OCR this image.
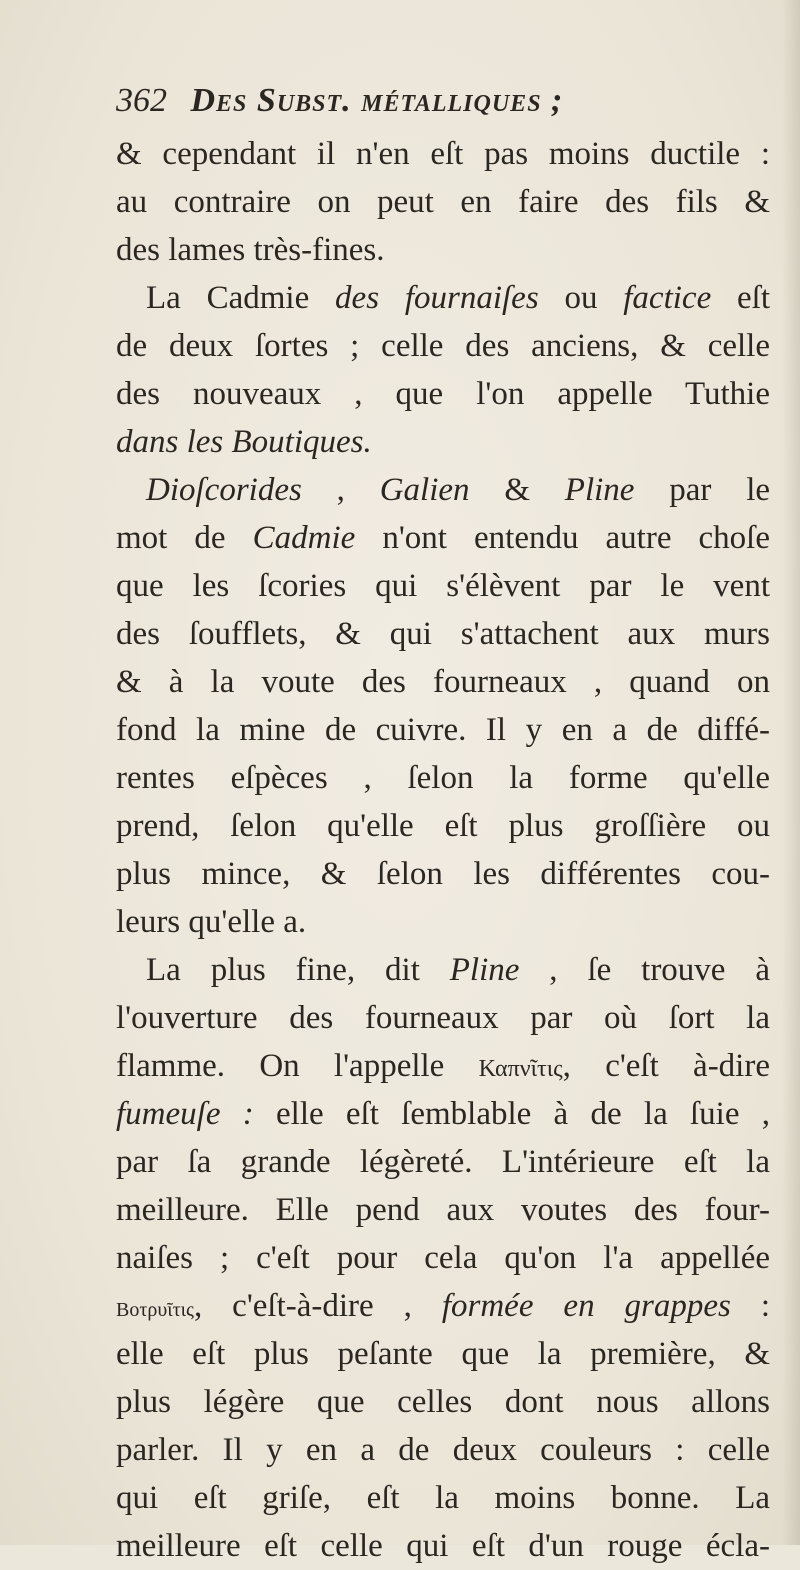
362 Des Subst. métalliques ;
& cependant il n'en eſt pas moins ductile :
au contraire on peut en faire des fils &
des lames très-fines.
La Cadmie des fournaiſes ou factice eſt
de deux ſortes ; celle des anciens, & celle
des nouveaux , que l'on appelle Tuthie
dans les Boutiques.
Dioſcorides , Galien & Pline par le
mot de Cadmie n'ont entendu autre choſe
que les ſcories qui s'élèvent par le vent
des ſoufflets, & qui s'attachent aux murs
& à la voute des fourneaux , quand on
fond la mine de cuivre. Il y en a de diffé-
rentes eſpèces , ſelon la forme qu'elle
prend, ſelon qu'elle eſt plus groſſière ou
plus mince, & ſelon les différentes cou-
leurs qu'elle a.
La plus fine, dit Pline , ſe trouve à
l'ouverture des fourneaux par où ſort la
flamme. On l'appelle Καπνῖτις, c'eſt à-dire
fumeuſe : elle eſt ſemblable à de la ſuie ,
par ſa grande légèreté. L'intérieure eſt la
meilleure. Elle pend aux voutes des four-
naiſes ; c'eſt pour cela qu'on l'a appellée
Βοτρυῖτις, c'eſt-à-dire , formée en grappes :
elle eſt plus peſante que la première, &
plus légère que celles dont nous allons
parler. Il y en a de deux couleurs : celle
qui eſt griſe, eſt la moins bonne. La
meilleure eſt celle qui eſt d'un rouge écla-
